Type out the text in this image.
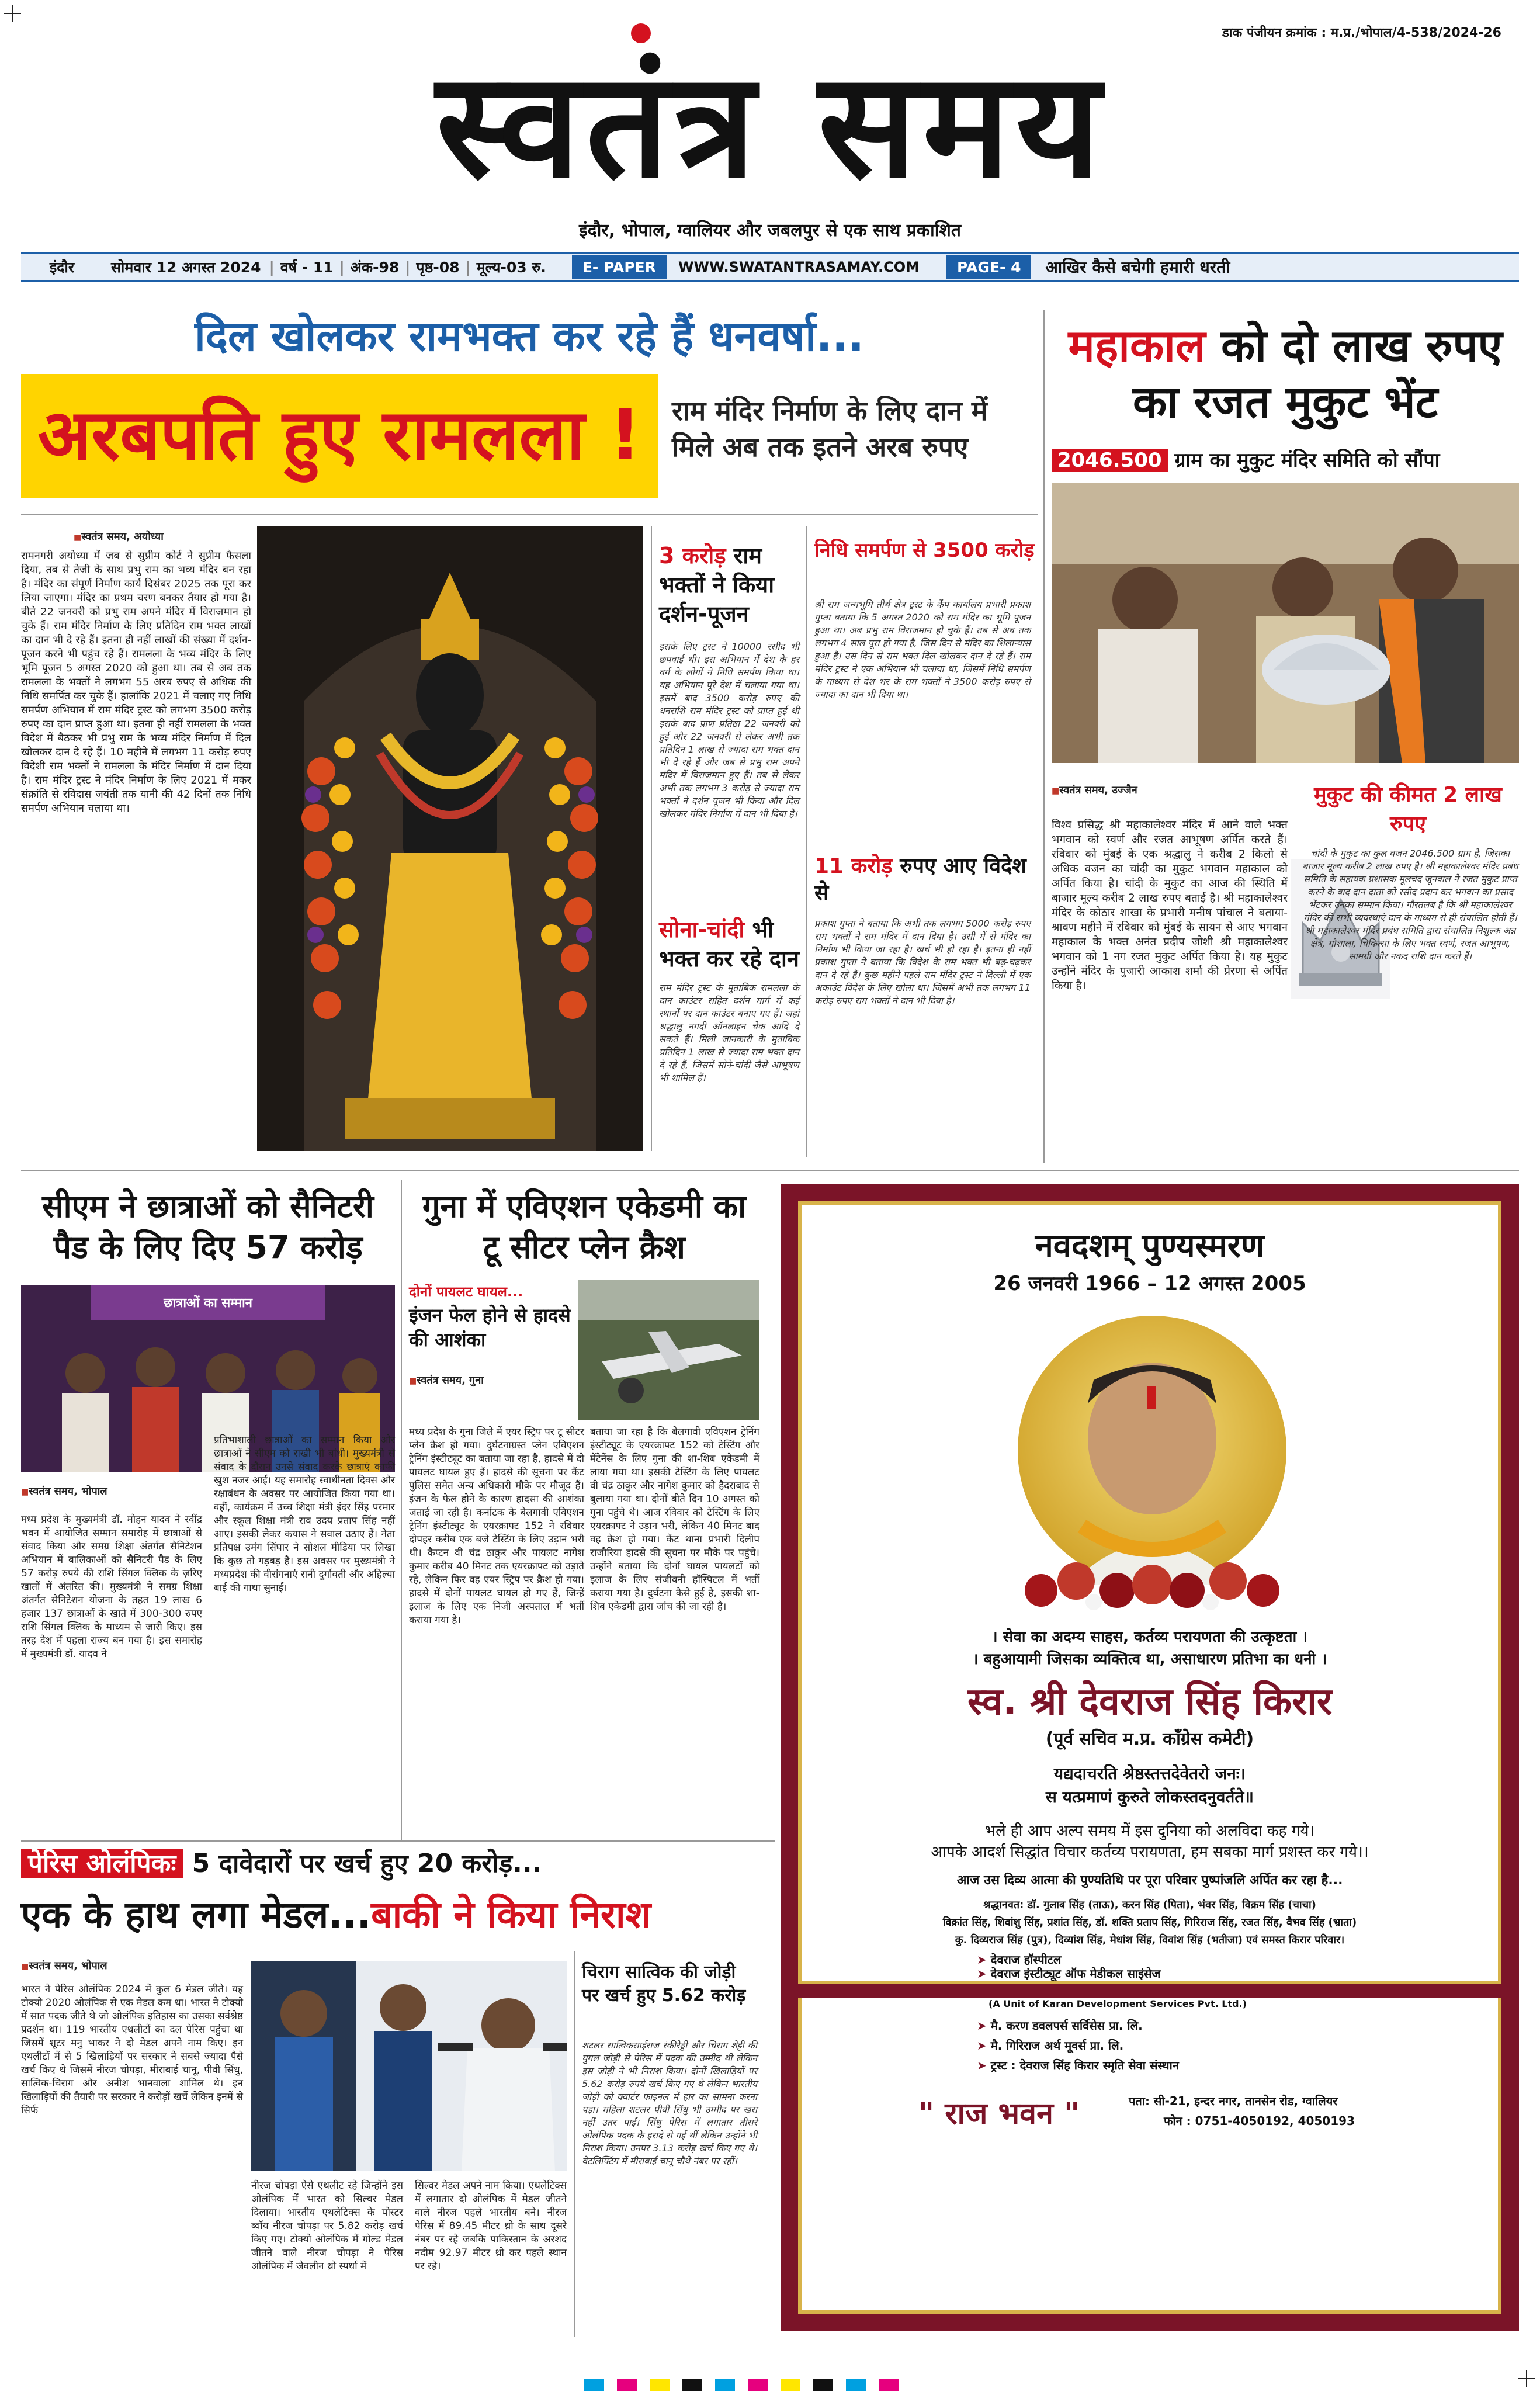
डाक पंजीयन क्रमांक : म.प्र./भोपाल/4-538/2024-26
स्वतंत्र समय
इंदौर, भोपाल, ग्वालियर और जबलपुर से एक साथ प्रकाशित
इंदौर	सोमवार 12 अगस्त 2024 | वर्ष - 11 | अंक-98 | पृष्ठ-08 | मूल्य-03 रु.	E- PAPER	WWW.SWATANTRASAMAY.COM	PAGE- 4	आखिर कैसे बचेगी हमारी धरती
दिल खोलकर रामभक्त कर रहे हैं धनवर्षा...
अरबपति हुए रामलला !	राम मंदिर निर्माण के लिए दान में मिले अब तक इतने अरब रुपए
■ स्वतंत्र समय, अयोध्या
रामनगरी अयोध्या में जब से सुप्रीम कोर्ट ने सुप्रीम फैसला दिया, तब से तेजी के साथ प्रभु राम का भव्य मंदिर बन रहा है। मंदिर का संपूर्ण निर्माण कार्य दिसंबर 2025 तक पूरा कर लिया जाएगा। मंदिर का प्रथम चरण बनकर तैयार हो गया है। बीते 22 जनवरी को प्रभु राम अपने मंदिर में विराजमान हो चुके हैं। राम मंदिर निर्माण के लिए प्रतिदिन राम भक्त लाखों का दान भी दे रहे हैं। इतना ही नहीं लाखों की संख्या में दर्शन-पूजन करने भी पहुंच रहे हैं। रामलला के भव्य मंदिर के लिए भूमि पूजन 5 अगस्त 2020 को हुआ था। तब से अब तक रामलला के भक्तों ने लगभग 55 अरब रुपए से अधिक की निधि समर्पित कर चुके हैं। हालांकि 2021 में चलाए गए निधि समर्पण अभियान में राम मंदिर ट्रस्ट को लगभग 3500 करोड़ रुपए का दान प्राप्त हुआ था। इतना ही नहीं रामलला के भक्त विदेश में बैठकर भी प्रभु राम के भव्य मंदिर निर्माण में दिल खोलकर दान दे रहे हैं। 10 महीने में लगभग 11 करोड़ रुपए विदेशी राम भक्तों ने रामलला के मंदिर निर्माण में दान दिया है। राम मंदिर ट्रस्ट ने मंदिर निर्माण के लिए 2021 में मकर संक्रांति से रविदास जयंती तक यानी की 42 दिनों तक निधि समर्पण अभियान चलाया था।
3 करोड़ राम भक्तों ने किया दर्शन-पूजन
इसके लिए ट्रस्ट ने 10000 रसीद भी छपवाई थी। इस अभियान में देश के हर वर्ग के लोगों ने निधि समर्पण किया था। यह अभियान पूरे देश में चलाया गया था। इसमें बाद 3500 करोड़ रुपए की धनराशि राम मंदिर ट्रस्ट को प्राप्त हुई थी इसके बाद प्राण प्रतिष्ठा 22 जनवरी को हुई और 22 जनवरी से लेकर अभी तक प्रतिदिन 1 लाख से ज्यादा राम भक्त दान भी दे रहे हैं और जब से प्रभु राम अपने मंदिर में विराजमान हुए हैं। तब से लेकर अभी तक लगभग 3 करोड़ से ज्यादा राम भक्तों ने दर्शन पूजन भी किया और दिल खोलकर मंदिर निर्माण में दान भी दिया है।
सोना-चांदी भी भक्त कर रहे दान
राम मंदिर ट्रस्ट के मुताबिक रामलला के दान काउंटर सहित दर्शन मार्ग में कई स्थानों पर दान काउंटर बनाए गए हैं। जहां श्रद्धालु नगदी ऑनलाइन चेक आदि दे सकते हैं। मिली जानकारी के मुताबिक प्रतिदिन 1 लाख से ज्यादा राम भक्त दान दे रहे हैं, जिसमें सोने-चांदी जैसे आभूषण भी शामिल हैं।
निधि समर्पण से 3500 करोड़
श्री राम जन्मभूमि तीर्थ क्षेत्र ट्रस्ट के कैंप कार्यालय प्रभारी प्रकाश गुप्ता बताया कि 5 अगस्त 2020 को राम मंदिर का भूमि पूजन हुआ था। अब प्रभु राम विराजमान हो चुके हैं। तब से अब तक लगभग 4 साल पूरा हो गया है, जिस दिन से मंदिर का शिलान्यास हुआ है। उस दिन से राम भक्त दिल खोलकर दान दे रहे हैं। राम मंदिर ट्रस्ट ने एक अभियान भी चलाया था, जिसमें निधि समर्पण के माध्यम से देश भर के राम भक्तों ने 3500 करोड़ रुपए से ज्यादा का दान भी दिया था।
11 करोड़ रुपए आए विदेश से
प्रकाश गुप्ता ने बताया कि अभी तक लगभग 5000 करोड़ रुपए राम भक्तों ने राम मंदिर में दान दिया है। उसी में से मंदिर का निर्माण भी किया जा रहा है। खर्च भी हो रहा है। इतना ही नहीं प्रकाश गुप्ता ने बताया कि विदेश के राम भक्त भी बढ़-चढ़कर दान दे रहे हैं। कुछ महीने पहले राम मंदिर ट्रस्ट ने दिल्ली में एक अकाउंट विदेश के लिए खोला था। जिसमें अभी तक लगभग 11 करोड़ रुपए राम भक्तों ने दान भी दिया है।
महाकाल को दो लाख रुपए का रजत मुकुट भेंट
2046.500 ग्राम का मुकुट मंदिर समिति को सौंपा
■ स्वतंत्र समय, उज्जैन
विश्व प्रसिद्ध श्री महाकालेश्वर मंदिर में आने वाले भक्त भगवान को स्वर्ण और रजत आभूषण अर्पित करते हैं। रविवार को मुंबई के एक श्रद्धालु ने करीब 2 किलो से अधिक वजन का चांदी का मुकुट भगवान महाकाल को अर्पित किया है। चांदी के मुकुट का आज की स्थिति में बाजार मूल्य करीब 2 लाख रुपए बताई है। श्री महाकालेश्वर मंदिर के कोठार शाखा के प्रभारी मनीष पांचाल ने बताया- श्रावण महीने में रविवार को मुंबई के सायन से आए भगवान महाकाल के भक्त अनंत प्रदीप जोशी श्री महाकालेश्वर भगवान को 1 नग रजत मुकुट अर्पित किया है। यह मुकुट उन्होंने मंदिर के पुजारी आकाश शर्मा की प्रेरणा से अर्पित किया है।
मुकुट की कीमत 2 लाख रुपए
चांदी के मुकुट का कुल वजन 2046.500 ग्राम है, जिसका बाजार मूल्य करीब 2 लाख रुपए है। श्री महाकालेश्वर मंदिर प्रबंध समिति के सहायक प्रशासक मूलचंद जूनवाल ने रजत मुकुट प्राप्त करने के बाद दान दाता को रसीद प्रदान कर भगवान का प्रसाद भेंटकर उनका सम्मान किया। गौरतलब है कि श्री महाकालेश्वर मंदिर की सभी व्यवस्थाएं दान के माध्यम से ही संचालित होती हैं। श्री महाकालेश्वर मंदिर प्रबंध समिति द्वारा संचालित निशुल्क अन्न क्षेत्र, गौशाला, चिकित्सा के लिए भक्त स्वर्ण, रजत आभूषण, सामग्री और नकद राशि दान करते हैं।
सीएम ने छात्राओं को सैनिटरी पैड के लिए दिए 57 करोड़
छात्राओं का सम्मान
■ स्वतंत्र समय, भोपाल
मध्य प्रदेश के मुख्यमंत्री डॉ. मोहन यादव ने रवींद्र भवन में आयोजित सम्मान समारोह में छात्राओं से संवाद किया और समग्र शिक्षा अंतर्गत सैनिटेशन अभियान में बालिकाओं को सैनिटरी पैड के लिए 57 करोड़ रुपये की राशि सिंगल क्लिक के ज़रिए खातों में अंतरित की। मुख्यमंत्री ने समग्र शिक्षा अंतर्गत सैनिटेशन योजना के तहत 19 लाख 6 हजार 137 छात्राओं के खाते में 300-300 रुपए राशि सिंगल क्लिक के माध्यम से जारी किए। इस तरह देश में पहला राज्य बन गया है। इस समारोह में मुख्यमंत्री डॉ. यादव ने
प्रतिभाशाली छात्राओं का सम्मान किया और छात्राओं ने सीएम को राखी भी बांधी। मुख्यमंत्री से संवाद के दौरान उनसे संवाद करके छात्राएं काफी खुश नजर आईं। यह समारोह स्वाधीनता दिवस और रक्षाबंधन के अवसर पर आयोजित किया गया था। वहीं, कार्यक्रम में उच्च शिक्षा मंत्री इंदर सिंह परमार और स्कूल शिक्षा मंत्री राव उदय प्रताप सिंह नहीं आए। इसकी लेकर कयास ने सवाल उठाए हैं। नेता प्रतिपक्ष उमंग सिंघार ने सोशल मीडिया पर लिखा कि कुछ तो गड़बड़ है। इस अवसर पर मुख्यमंत्री ने मध्यप्रदेश की वीरांगनाएं रानी दुर्गावती और अहिल्या बाई की गाथा सुनाईं।
गुना में एविएशन एकेडमी का टू सीटर प्लेन क्रैश
दोनों पायलट घायल...
इंजन फेल होने से हादसे की आशंका
■ स्वतंत्र समय, गुना
मध्य प्रदेश के गुना जिले में एयर स्ट्रिप पर टू सीटर प्लेन क्रैश हो गया। दुर्घटनाग्रस्त प्लेन एविएशन ट्रेनिंग इंस्टीट्यूट का बताया जा रहा है, हादसे में दो पायलट घायल हुए हैं। हादसे की सूचना पर कैंट पुलिस समेत अन्य अधिकारी मौके पर मौजूद हैं। इंजन के फेल होने के कारण हादसा की आशंका जताई जा रही है। कर्नाटक के बेलगावी एविएशन ट्रेनिंग इंस्टीट्यूट के एयरक्राफ्ट 152 ने रविवार दोपहर करीब एक बजे टेस्टिंग के लिए उड़ान भरी थी। कैप्टन वी चंद्र ठाकुर और पायलट नागेश कुमार करीब 40 मिनट तक एयरक्राफ्ट को उड़ाते रहे, लेकिन फिर वह एयर स्ट्रिप पर क्रैश हो गया। हादसे में दोनों पायलट घायल हो गए हैं, जिन्हें इलाज के लिए एक निजी अस्पताल में भर्ती कराया गया है।
बताया जा रहा है कि बेलगावी एविएशन ट्रेनिंग इंस्टीट्यूट के एयरक्राफ्ट 152 को टेस्टिंग और मेंटेनेंस के लिए गुना की शा-शिब एकेडमी में लाया गया था। इसकी टेस्टिंग के लिए पायलट वी चंद्र ठाकुर और नागेश कुमार को हैदराबाद से बुलाया गया था। दोनों बीते दिन 10 अगस्त को गुना पहुंचे थे। आज रविवार को टेस्टिंग के लिए एयरक्राफ्ट ने उड़ान भरी, लेकिन 40 मिनट बाद वह क्रैश हो गया। कैंट थाना प्रभारी दिलीप राजौरिया हादसे की सूचना पर मौके पर पहुंचे। उन्होंने बताया कि दोनों घायल पायलटों को इलाज के लिए संजीवनी हॉस्पिटल में भर्ती कराया गया है। दुर्घटना कैसे हुई है, इसकी शा-शिब एकेडमी द्वारा जांच की जा रही है।
नवदशम् पुण्यस्मरण
26 जनवरी 1966 – 12 अगस्त 2005
। सेवा का अदम्य साहस, कर्तव्य परायणता की उत्कृष्टता ।
। बहुआयामी जिसका व्यक्तित्व था, असाधारण प्रतिभा का धनी ।
स्व. श्री देवराज सिंह किरार
(पूर्व सचिव म.प्र. कॉंग्रेस कमेटी)
यद्यदाचरति श्रेष्ठस्तत्तदेवेतरो जनः।
स यत्प्रमाणं कुरुते लोकस्तदनुवर्तते॥
भले ही आप अल्प समय में इस दुनिया को अलविदा कह गये।
आपके आदर्श सिद्धांत विचार कर्तव्य परायणता, हम सबका मार्ग प्रशस्त कर गये।।
आज उस दिव्य आत्मा की पुण्यतिथि पर पूरा परिवार पुष्पांजलि अर्पित कर रहा है...
श्रद्धानवत: डॉ. गुलाब सिंह (ताऊ), करन सिंह (पिता), भंवर सिंह, विक्रम सिंह (चाचा)
विक्रांत सिंह, शिवांशु सिंह, प्रशांत सिंह, डॉ. शक्ति प्रताप सिंह, गिरिराज सिंह, रजत सिंह, वैभव सिंह (भ्राता)
कु. दिव्यराज सिंह (पुत्र), दिव्यांश सिंह, मेधांश सिंह, विवांश सिंह (भतीजा) एवं समस्त किरार परिवार।
➤ देवराज हॉस्पीटल
➤ देवराज इंस्टीट्यूट ऑफ मेडीकल साइंसेज
(A Unit of Karan Development Services Pvt. Ltd.)
➤ मै. करण डवलपर्स सर्विसेस प्रा. लि.
➤ मै. गिरिराज अर्थ मूवर्स प्रा. लि.
➤ ट्रस्ट : देवराज सिंह किरार स्मृति सेवा संस्थान
" राज भवन "	पता: सी-21, इन्दर नगर, तानसेन रोड, ग्वालियर
फोन : 0751-4050192, 4050193
पेरिस ओलंपिकः 5 दावेदारों पर खर्च हुए 20 करोड़...
एक के हाथ लगा मेडल...बाकी ने किया निराश
■ स्वतंत्र समय, भोपाल
भारत ने पेरिस ओलंपिक 2024 में कुल 6 मेडल जीते। यह टोक्यो 2020 ओलंपिक से एक मेडल कम था। भारत ने टोक्यो में सात पदक जीते थे जो ओलंपिक इतिहास का उसका सर्वश्रेष्ठ प्रदर्शन था। 119 भारतीय एथलीटों का दल पेरिस पहुंचा था जिसमें शूटर मनु भाकर ने दो मेडल अपने नाम किए। इन एथलीटों में से 5 खिलाड़ियों पर सरकार ने सबसे ज्यादा पैसे खर्च किए थे जिसमें नीरज चोपड़ा, मीराबाई चानू, पीवी सिंधु, सात्विक-चिराग और अनीश भानवाला शामिल थे। इन खिलाड़ियों की तैयारी पर सरकार ने करोड़ों खर्चे लेकिन इनमें से सिर्फ
नीरज चोपड़ा ऐसे एथलीट रहे जिन्होंने इस ओलंपिक में भारत को सिल्वर मेडल दिलाया। भारतीय एथलेटिक्स के पोस्टर ब्वॉय नीरज चोपड़ा पर 5.82 करोड़ खर्च किए गए। टोक्यो ओलंपिक में गोल्ड मेडल जीतने वाले नीरज चोपड़ा ने पेरिस ओलंपिक में जैवलीन थ्रो स्पर्धा में
सिल्वर मेडल अपने नाम किया। एथलेटिक्स में लगातार दो ओलंपिक में मेडल जीतने वाले नीरज पहले भारतीय बने। नीरज पेरिस में 89.45 मीटर थ्रो के साथ दूसरे नंबर पर रहे जबकि पाकिस्तान के अरशद नदीम 92.97 मीटर थ्रो कर पहले स्थान पर रहे।
चिराग सात्विक की जोड़ी पर खर्च हुए 5.62 करोड़
शटलर सात्विकसाईराज रंकीरेड्डी और चिराग शेट्टी की युगल जोड़ी से पेरिस में पदक की उम्मीद थी लेकिन इस जोड़ी ने भी निराश किया। दोनों खिलाड़ियों पर 5.62 करोड़ रुपये खर्च किए गए थे लेकिन भारतीय जोड़ी को क्वार्टर फाइनल में हार का सामना करना पड़ा। महिला शटलर पीवी सिंधु भी उम्मीद पर खरा नहीं उतर पाईं। सिंधु पेरिस में लगातार तीसरे ओलंपिक पदक के इरादे से गई थीं लेकिन उन्होंने भी निराश किया। उनपर 3.13 करोड़ खर्च किए गए थे। वेटलिफ्टिंग में मीराबाई चानू चौथे नंबर पर रहीं।
